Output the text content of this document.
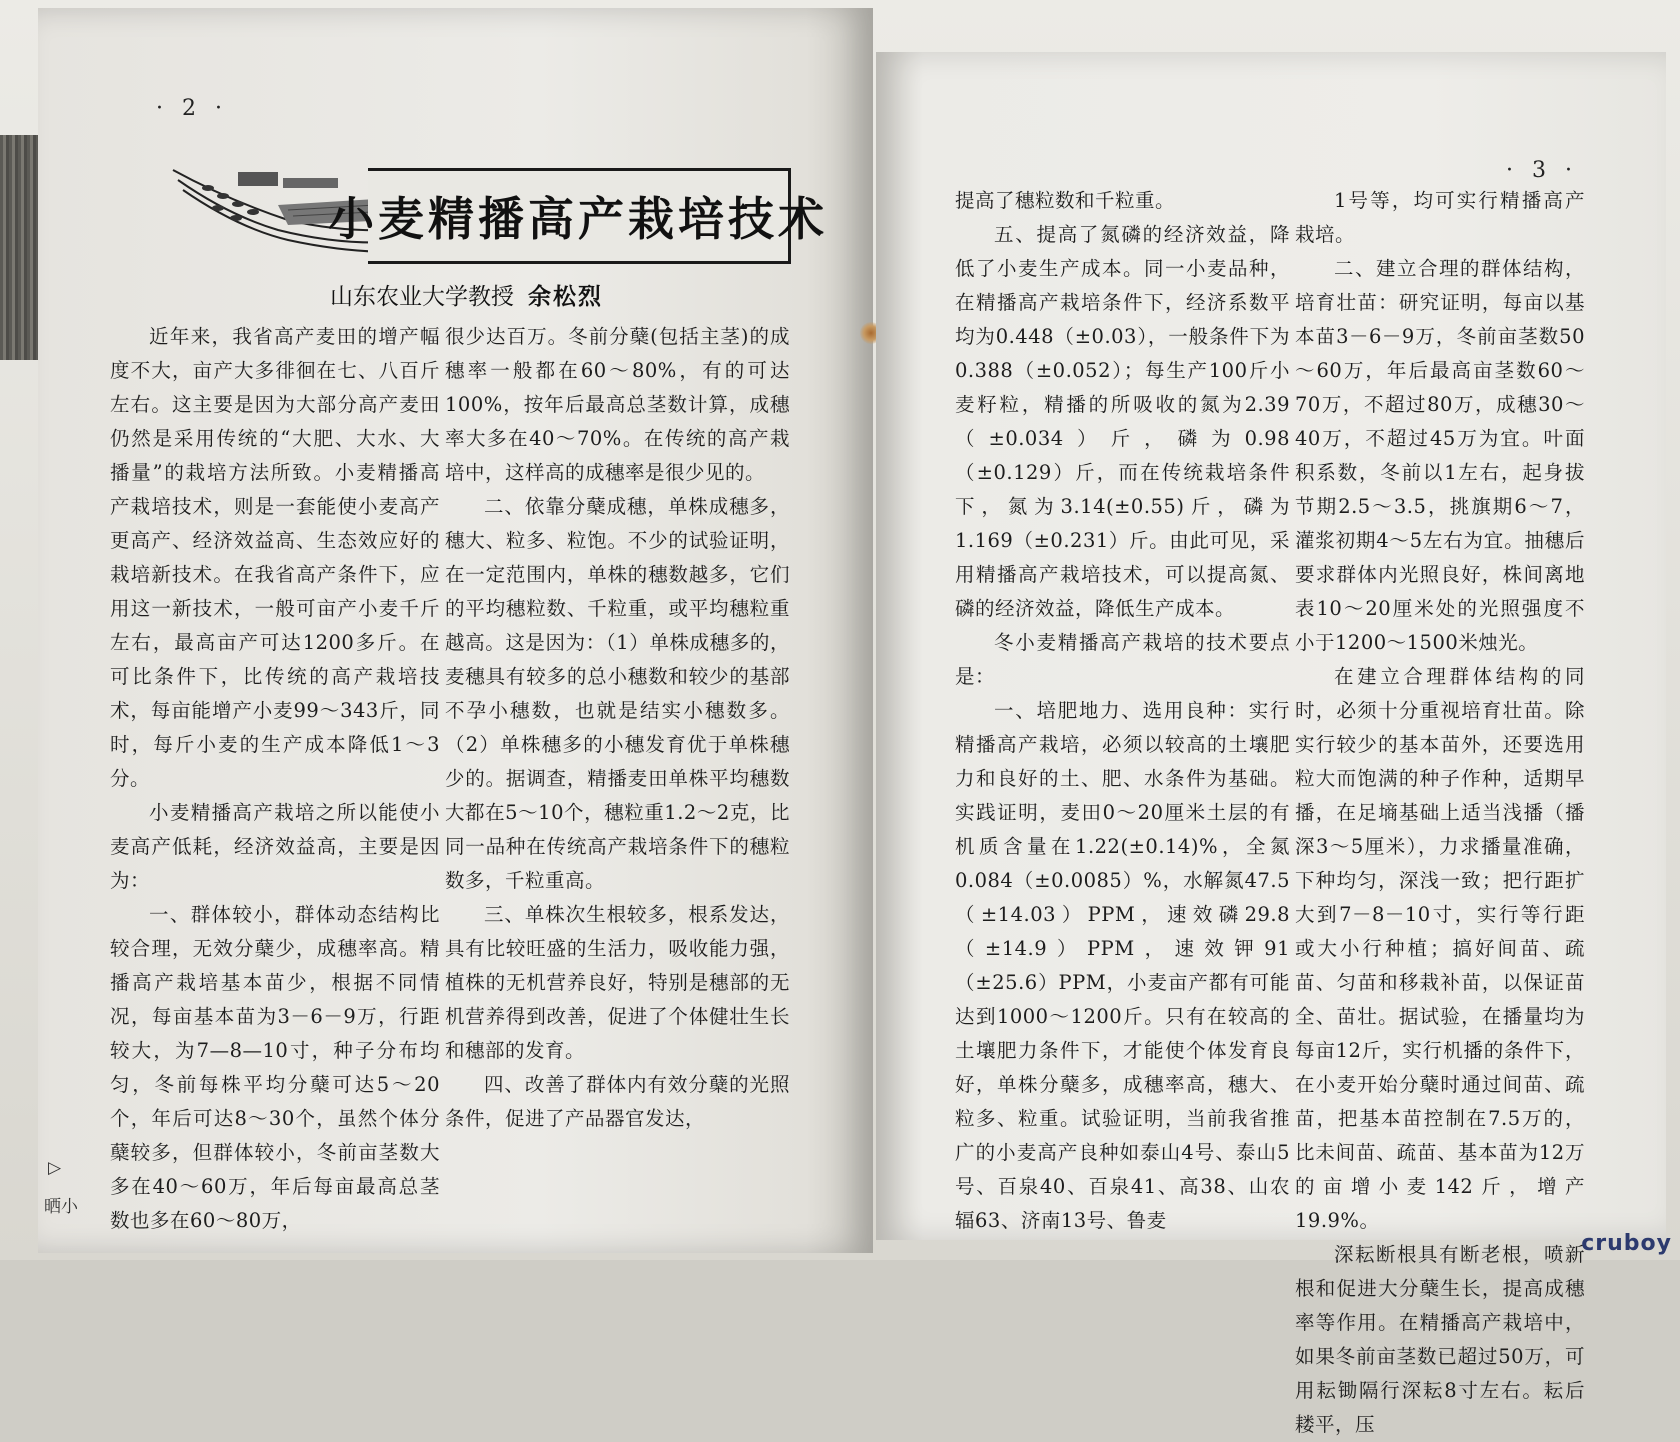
· 2 ·
小麦精播高产栽培技术
山东农业大学教授 余松烈

近年来，我省高产麦田的增产幅度不大，亩产大多徘徊在七、八百斤左右。这主要是因为大部分高产麦田仍然是采用传统的“大肥、大水、大播量”的栽培方法所致。小麦精播高产栽培技术，则是一套能使小麦高产更高产、经济效益高、生态效应好的栽培新技术。在我省高产条件下，应用这一新技术，一般可亩产小麦千斤左右，最高亩产可达1200多斤。在可比条件下，比传统的高产栽培技术，每亩能增产小麦99～343斤，同时，每斤小麦的生产成本降低1～3分。

小麦精播高产栽培之所以能使小麦高产低耗，经济效益高，主要是因为：

一、群体较小，群体动态结构比较合理，无效分蘖少，成穗率高。精播高产栽培基本苗少，根据不同情况，每亩基本苗为3－6－9万，行距较大，为7—8—10寸，种子分布均匀，冬前每株平均分蘖可达5～20个，年后可达8～30个，虽然个体分蘖较多，但群体较小，冬前亩茎数大多在40～60万，年后每亩最高总茎数也多在60～80万，

很少达百万。冬前分蘖(包括主茎)的成穗率一般都在60～80%，有的可达100%，按年后最高总茎数计算，成穗率大多在40～70%。在传统的高产栽培中，这样高的成穗率是很少见的。

二、依靠分蘖成穗，单株成穗多，穗大、粒多、粒饱。不少的试验证明，在一定范围内，单株的穗数越多，它们的平均穗粒数、千粒重，或平均穗粒重越高。这是因为：（1）单株成穗多的，麦穗具有较多的总小穗数和较少的基部不孕小穗数，也就是结实小穗数多。（2）单株穗多的小穗发育优于单株穗少的。据调查，精播麦田单株平均穗数大都在5～10个，穗粒重1.2～2克，比同一品种在传统高产栽培条件下的穗粒数多，千粒重高。

三、单株次生根较多，根系发达，具有比较旺盛的生活力，吸收能力强，植株的无机营养良好，特别是穗部的无机营养得到改善，促进了个体健壮生长和穗部的发育。

四、改善了群体内有效分蘖的光照条件，促进了产品器官发达，

▷
晒小
· 3 ·

提高了穗粒数和千粒重。

五、提高了氮磷的经济效益，降低了小麦生产成本。同一小麦品种，在精播高产栽培条件下，经济系数平均为0.448（±0.03），一般条件下为0.388（±0.052）；每生产100斤小麦籽粒，精播的所吸收的氮为2.39（±0.034）斤，磷为0.98（±0.129）斤，而在传统栽培条件下，氮为3.14(±0.55)斤，磷为1.169（±0.231）斤。由此可见，采用精播高产栽培技术，可以提高氮、磷的经济效益，降低生产成本。

冬小麦精播高产栽培的技术要点是：

一、培肥地力、选用良种：实行精播高产栽培，必须以较高的土壤肥力和良好的土、肥、水条件为基础。实践证明，麦田0～20厘米土层的有机质含量在1.22(±0.14)%，全氮0.084（±0.0085）%，水解氮47.5（±14.03）PPM，速效磷29.8（±14.9）PPM，速效钾91（±25.6）PPM，小麦亩产都有可能达到1000～1200斤。只有在较高的土壤肥力条件下，才能使个体发育良好，单株分蘖多，成穗率高，穗大、粒多、粒重。试验证明，当前我省推广的小麦高产良种如泰山4号、泰山5号、百泉40、百泉41、高38、山农辐63、济南13号、鲁麦

1号等，均可实行精播高产栽培。

二、建立合理的群体结构，培育壮苗：研究证明，每亩以基本苗3－6－9万，冬前亩茎数50～60万，年后最高亩茎数60～70万，不超过80万，成穗30～40万，不超过45万为宜。叶面积系数，冬前以1左右，起身拔节期2.5～3.5，挑旗期6～7，灌浆初期4～5左右为宜。抽穗后要求群体内光照良好，株间离地表10～20厘米处的光照强度不小于1200～1500米烛光。

在建立合理群体结构的同时，必须十分重视培育壮苗。除实行较少的基本苗外，还要选用粒大而饱满的种子作种，适期早播，在足墒基础上适当浅播（播深3～5厘米），力求播量准确，下种均匀，深浅一致；把行距扩大到7－8－10寸，实行等行距或大小行种植；搞好间苗、疏苗、匀苗和移栽补苗，以保证苗全、苗壮。据试验，在播量均为每亩12斤，实行机播的条件下，在小麦开始分蘖时通过间苗、疏苗，把基本苗控制在7.5万的，比未间苗、疏苗、基本苗为12万的亩增小麦142斤，增产19.9%。

深耘断根具有断老根，喷新根和促进大分蘖生长，提高成穗率等作用。在精播高产栽培中，如果冬前亩茎数已超过50万，可用耘锄隔行深耘8寸左右。耘后耧平，压

cruboy
